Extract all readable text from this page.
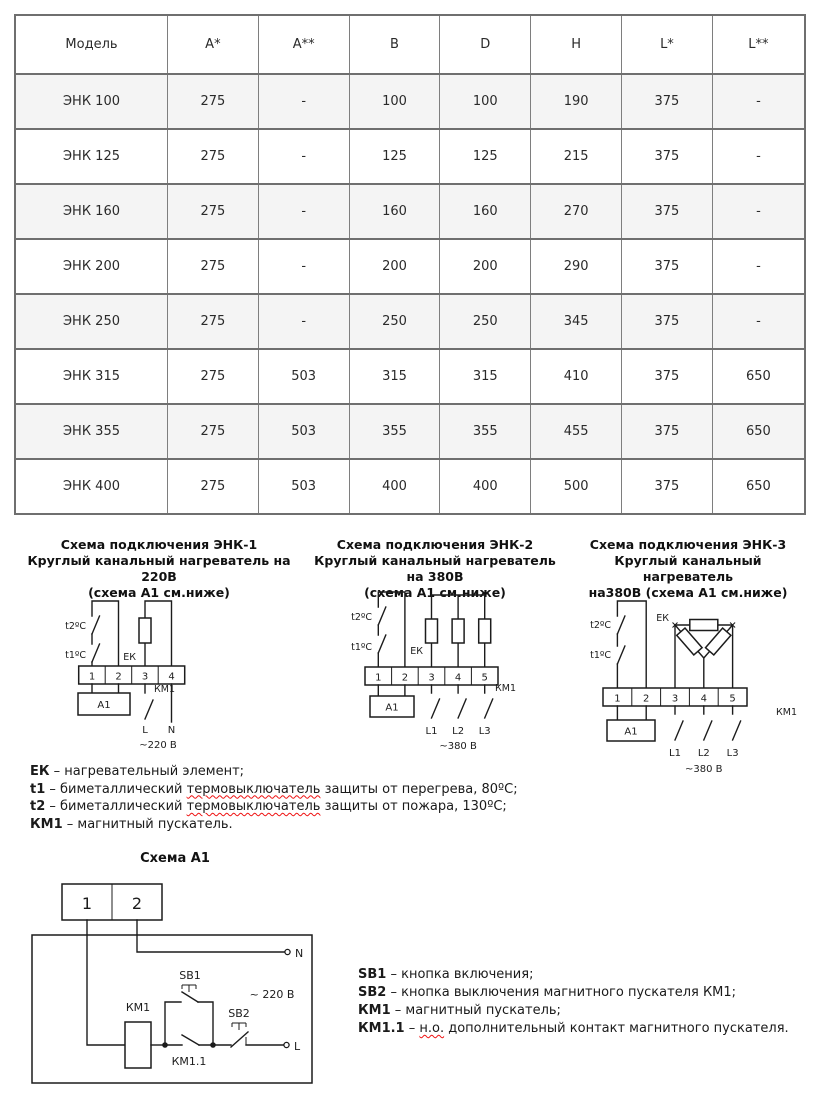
Модель	A*	A**	B	D	H	L*	L**
ЭНК 100	275	-	100	100	190	375	-
ЭНК 125	275	-	125	125	215	375	-
ЭНК 160	275	-	160	160	270	375	-
ЭНК 200	275	-	200	200	290	375	-
ЭНК 250	275	-	250	250	345	375	-
ЭНК 315	275	503	315	315	410	375	650
ЭНК 355	275	503	355	355	455	375	650
ЭНК 400	275	503	400	400	500	375	650
Схема подключения ЭНК-1
Круглый канальный нагреватель на 220В
(схема А1 см.ниже)
Схема подключения ЭНК-2
Круглый канальный нагреватель на 380В
(схема А1 см.ниже)
Схема подключения ЭНК-3
Круглый канальный нагреватель
на380В (схема А1 см.ниже)
t2ºС
t1ºС	ЕК
1 2 3 4
А1
КМ1
L N
~220 В
t2ºС
t1ºС	ЕК
1 2 3 4 5
А1
КМ1
L1 L2 L3
~380 В
t2ºС
t1ºС
ЕК
1 2 3 4 5
А1
КМ1
L1 L2 L3
~380 В
ЕК – нагревательный элемент;
t1 – биметаллический термовыключатель защиты от перегрева, 80ºС;
t2 – биметаллический термовыключатель защиты от пожара, 130ºС;
КМ1 – магнитный пускатель.
Схема А1
1 2
N
КМ1
КМ1.1
SB1
SB2
L
~ 220 В
SB1 – кнопка включения;
SB2 – кнопка выключения магнитного пускателя КМ1;
КМ1 – магнитный пускатель;
КМ1.1 – н.о. дополнительный контакт магнитного пускателя.
